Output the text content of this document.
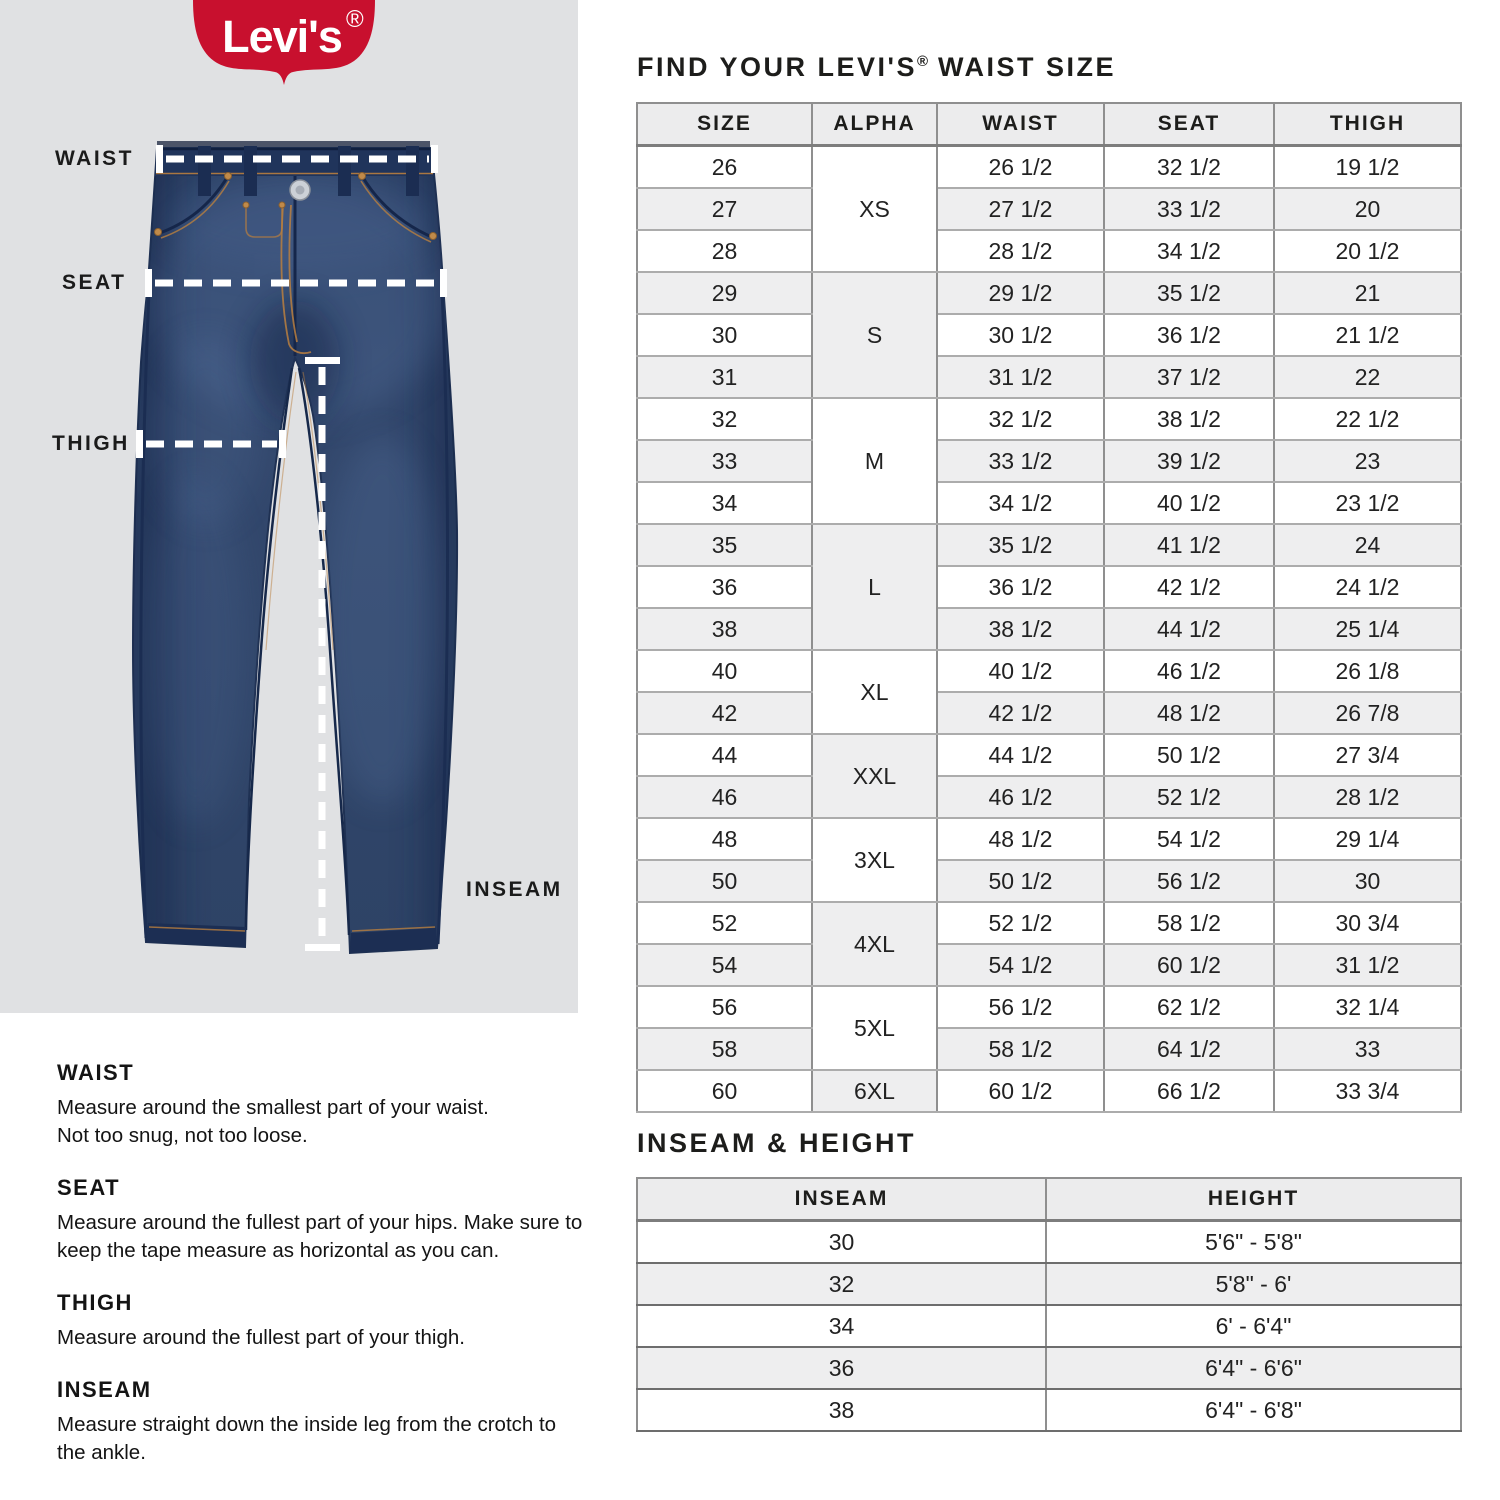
Levi's ®
WAIST
SEAT
THIGH
INSEAM
WAIST

Measure around the smallest part of your waist. Not too snug, not too loose.

SEAT

Measure around the fullest part of your hips. Make sure to keep the tape measure as horizontal as you can.

THIGH

Measure around the fullest part of your thigh.

INSEAM

Measure straight down the inside leg from the crotch to the ankle.

FIND YOUR LEVI'S® WAIST SIZE
SIZE	ALPHA	WAIST	SEAT	THIGH
26	XS	26 1/2	32 1/2	19 1/2
27		27 1/2	33 1/2	20
28		28 1/2	34 1/2	20 1/2
29	S	29 1/2	35 1/2	21
30		30 1/2	36 1/2	21 1/2
31		31 1/2	37 1/2	22
32	M	32 1/2	38 1/2	22 1/2
33		33 1/2	39 1/2	23
34		34 1/2	40 1/2	23 1/2
35	L	35 1/2	41 1/2	24
36		36 1/2	42 1/2	24 1/2
38		38 1/2	44 1/2	25 1/4
40	XL	40 1/2	46 1/2	26 1/8
42		42 1/2	48 1/2	26 7/8
44	XXL	44 1/2	50 1/2	27 3/4
46		46 1/2	52 1/2	28 1/2
48	3XL	48 1/2	54 1/2	29 1/4
50		50 1/2	56 1/2	30
52	4XL	52 1/2	58 1/2	30 3/4
54		54 1/2	60 1/2	31 1/2
56	5XL	56 1/2	62 1/2	32 1/4
58		58 1/2	64 1/2	33
60	6XL	60 1/2	66 1/2	33 3/4
INSEAM & HEIGHT
INSEAM	HEIGHT
30	5'6" - 5'8"
32	5'8" - 6'
34	6' - 6'4"
36	6'4" - 6'6"
38	6'4" - 6'8"
